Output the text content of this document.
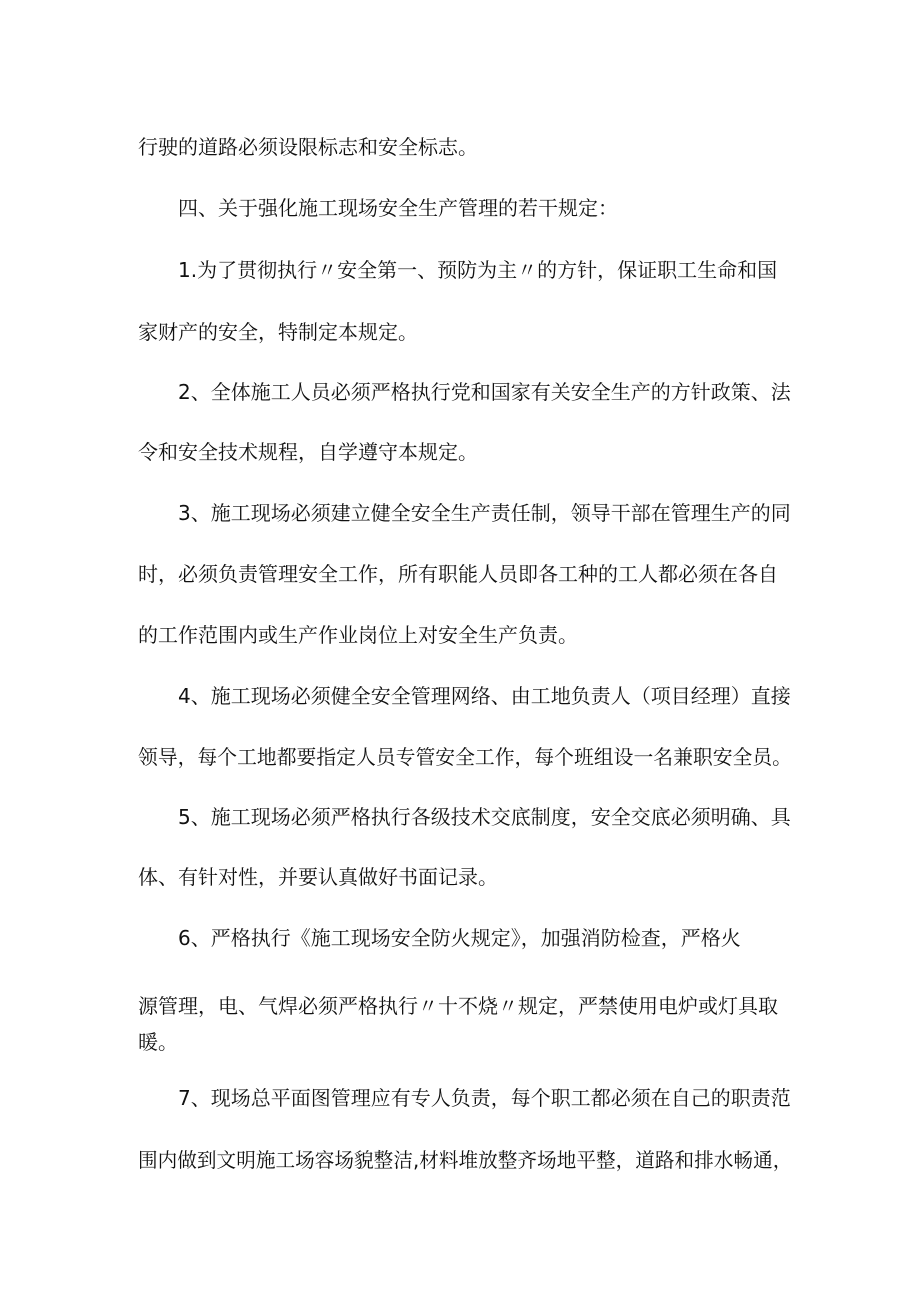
行驶的道路必须设限标志和安全标志。
四、关于强化施工现场安全生产管理的若干规定：
1.为了贯彻执行〃安全第一、预防为主〃的方针，保证职工生命和国
家财产的安全，特制定本规定。
2、全体施工人员必须严格执行党和国家有关安全生产的方针政策、法
令和安全技术规程，自学遵守本规定。
3、施工现场必须建立健全安全生产责任制，领导干部在管理生产的同
时，必须负责管理安全工作，所有职能人员即各工种的工人都必须在各自
的工作范围内或生产作业岗位上对安全生产负责。
4、施工现场必须健全安全管理网络、由工地负责人（项目经理）直接
领导，每个工地都要指定人员专管安全工作，每个班组设一名兼职安全员。
5、施工现场必须严格执行各级技术交底制度，安全交底必须明确、具
体、有针对性，并要认真做好书面记录。
6、严格执行《施工现场安全防火规定》，加强消防检查，严格火
源管理，电、气焊必须严格执行〃十不烧〃规定，严禁使用电炉或灯具取
暖。
7、现场总平面图管理应有专人负责，每个职工都必须在自己的职责范
围内做到文明施工场容场貌整洁,材料堆放整齐场地平整，道路和排水畅通，
